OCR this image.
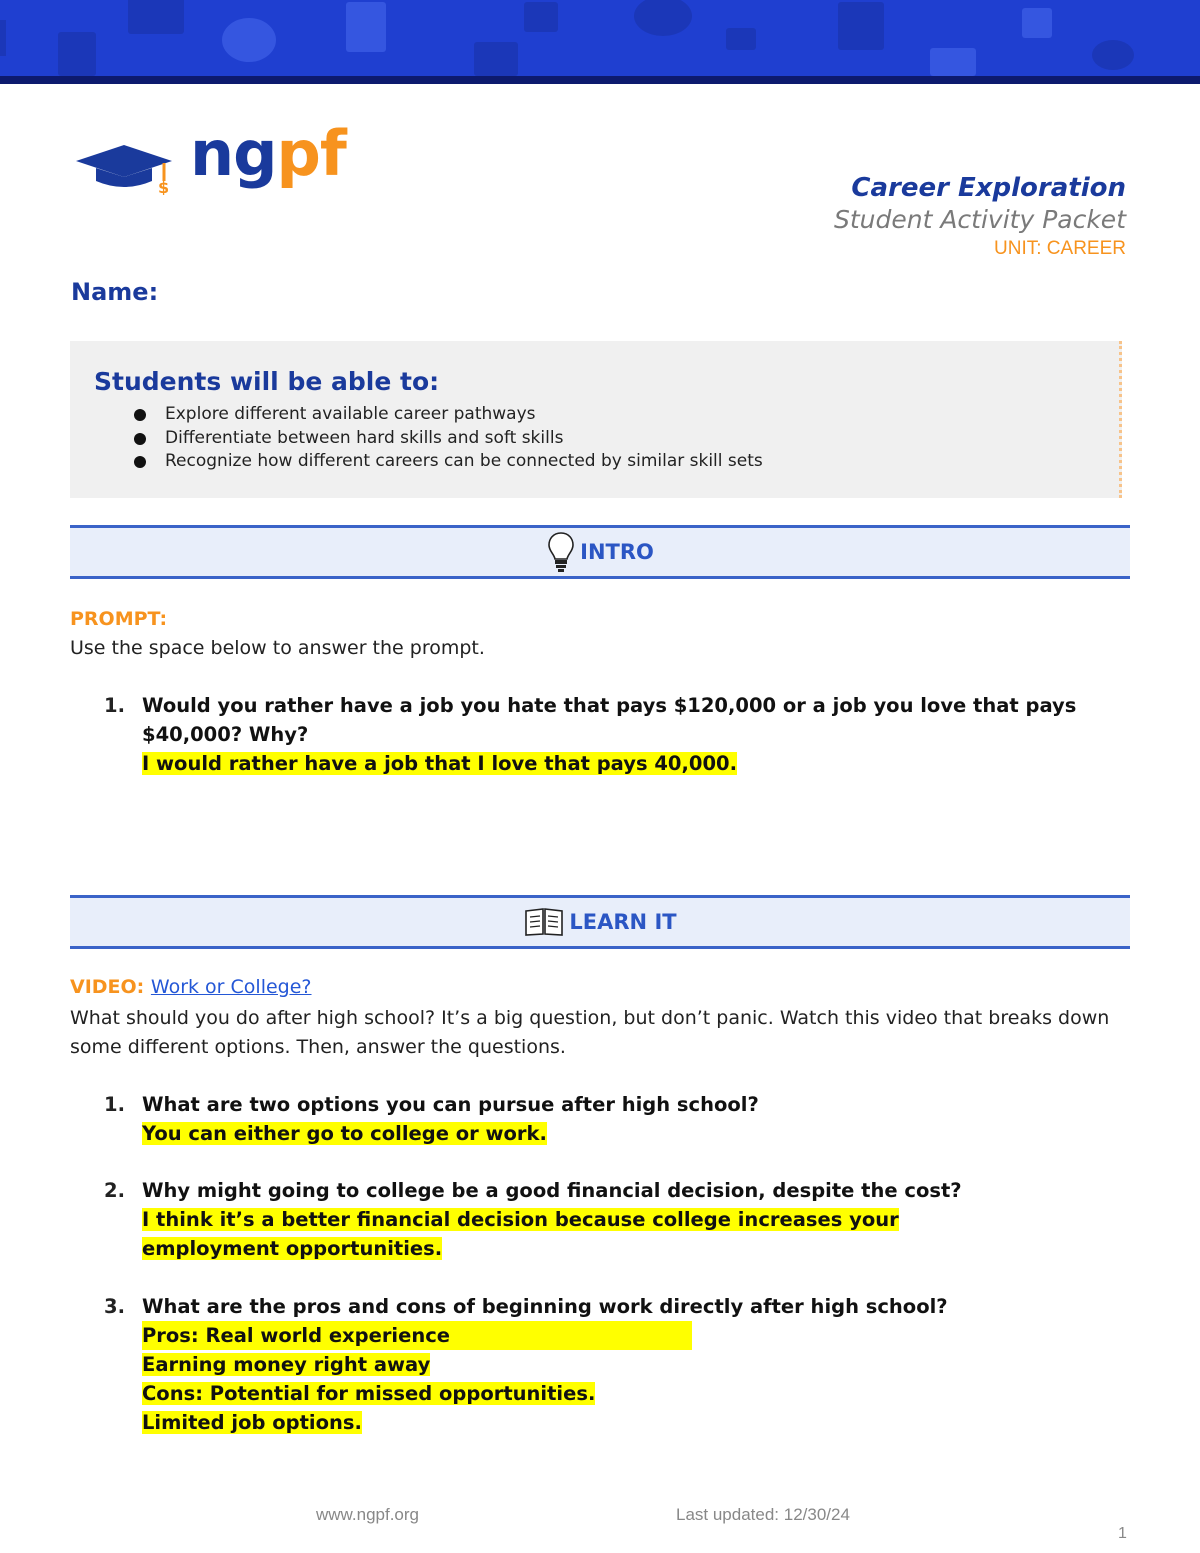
$ ngpf	Career Exploration
Student Activity Packet
UNIT: CAREER
Name:
Students will be able to:
Explore different available career pathways
Differentiate between hard skills and soft skills
Recognize how different careers can be connected by similar skill sets
INTRO
PROMPT:
Use the space below to answer the prompt.
1. Would you rather have a job you hate that pays $120,000 or a job you love that pays $40,000? Why?
I would rather have a job that I love that pays 40,000.
LEARN IT
VIDEO: Work or College?
What should you do after high school? It’s a big question, but don’t panic. Watch this video that breaks down some different options. Then, answer the questions.
1. What are two options you can pursue after high school?
You can either go to college or work.
2. Why might going to college be a good financial decision, despite the cost?
I think it’s a better financial decision because college increases your
employment opportunities.
3. What are the pros and cons of beginning work directly after high school?
Pros: Real world experience
Earning money right away
Cons: Potential for missed opportunities.
Limited job options.
www.ngpf.org	Last updated: 12/30/24
1
